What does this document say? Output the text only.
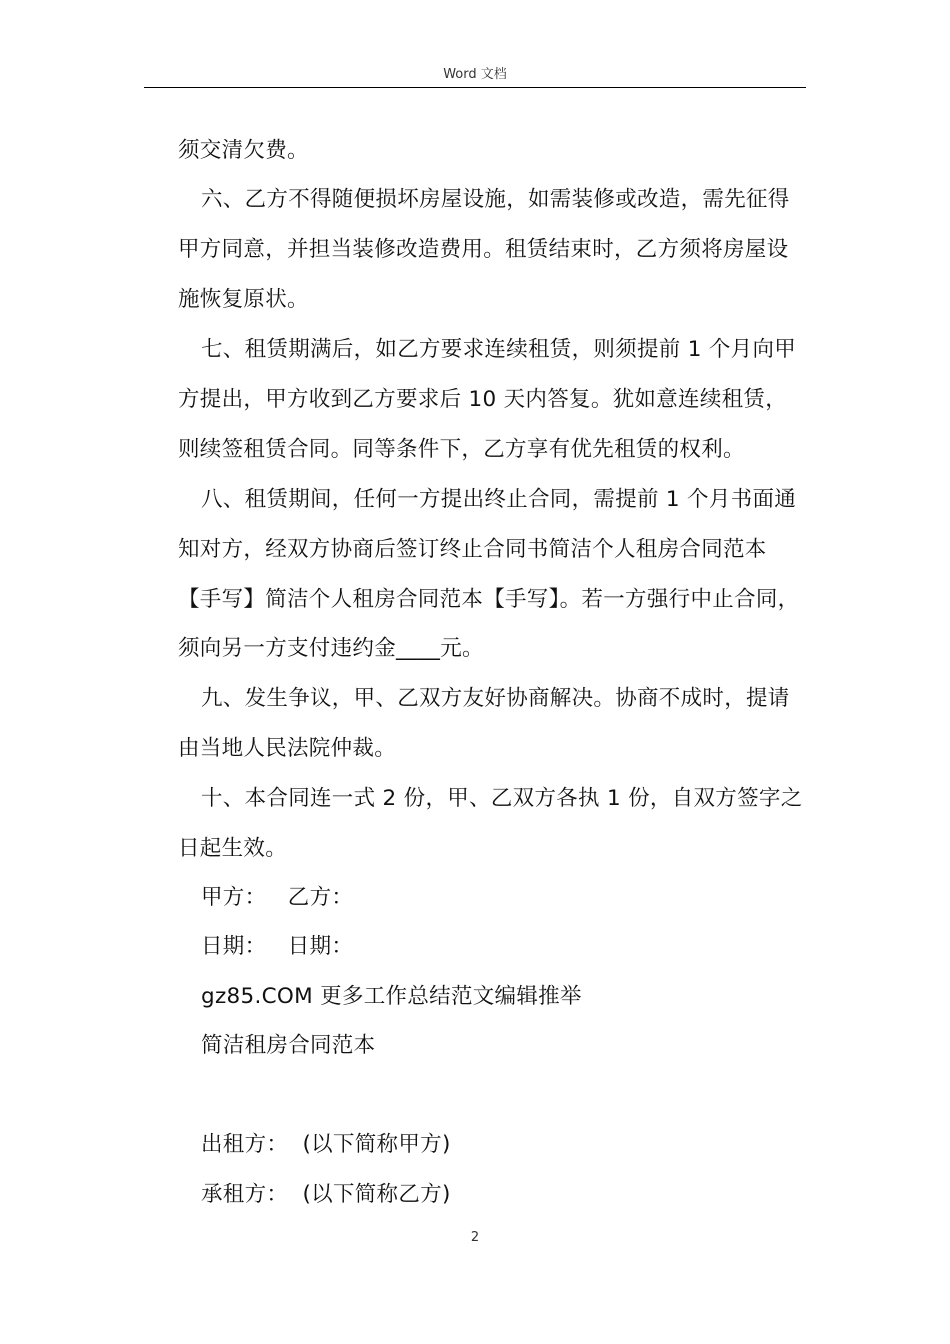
Word 文档
须交清欠费。
六、乙方不得随便损坏房屋设施，如需装修或改造，需先征得
甲方同意，并担当装修改造费用。租赁结束时，乙方须将房屋设
施恢复原状。
七、租赁期满后，如乙方要求连续租赁，则须提前 1 个月向甲
方提出，甲方收到乙方要求后 10 天内答复。犹如意连续租赁，
则续签租赁合同。同等条件下，乙方享有优先租赁的权利。
八、租赁期间，任何一方提出终止合同，需提前 1 个月书面通
知对方，经双方协商后签订终止合同书简洁个人租房合同范本
【手写】简洁个人租房合同范本【手写】。若一方强行中止合同，
须向另一方支付违约金____元。
九、发生争议，甲、乙双方友好协商解决。协商不成时，提请
由当地人民法院仲裁。
十、本合同连一式 2 份，甲、乙双方各执 1 份，自双方签字之
日起生效。
甲方：   乙方：
日期：   日期：
gz85.COM 更多工作总结范文编辑推举
简洁租房合同范本
出租方：  (以下简称甲方)
承租方：  (以下简称乙方)
2
